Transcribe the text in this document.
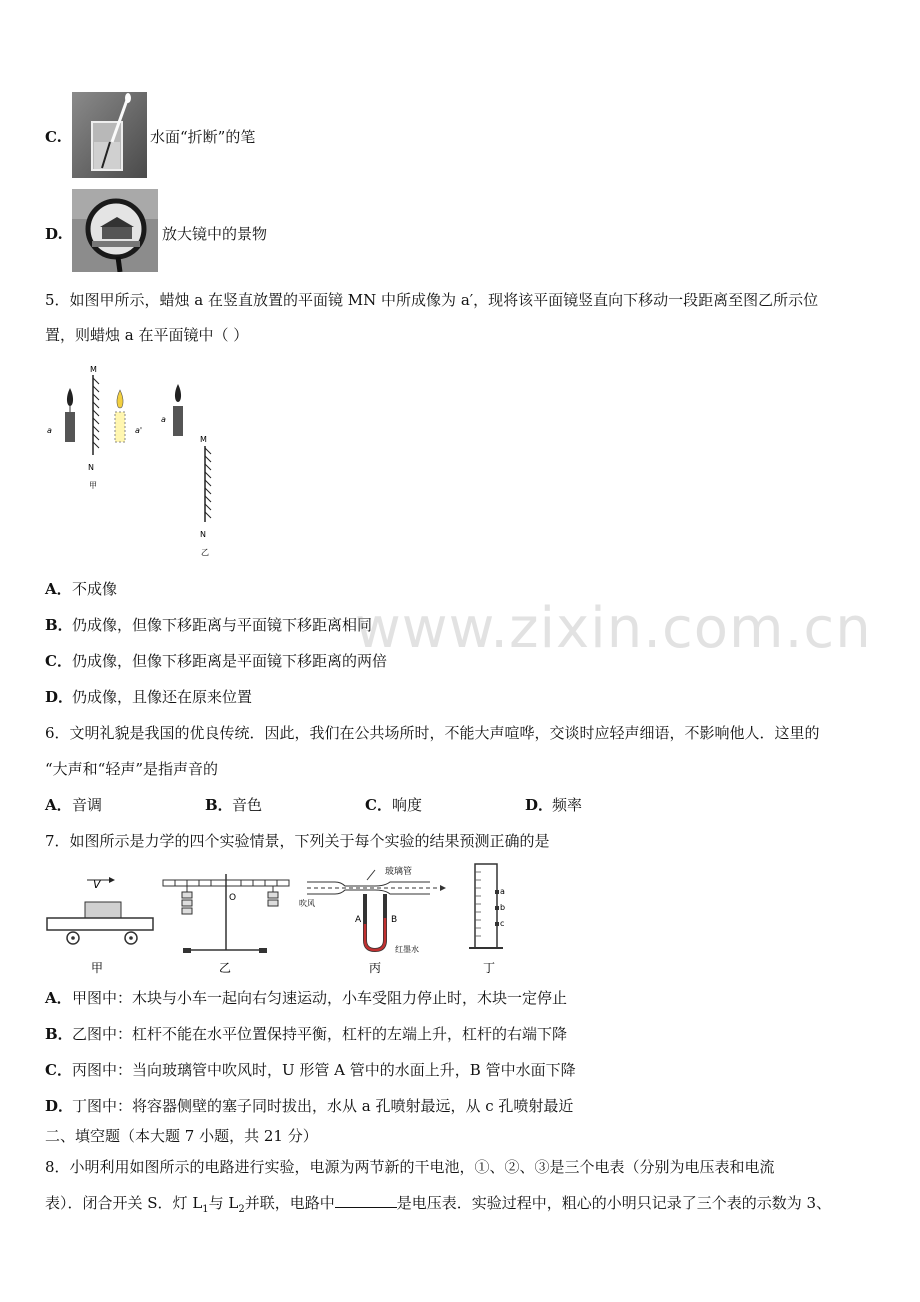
C.	水面“折断”的笔
D.	放大镜中的景物
5．如图甲所示，蜡烛 a 在竖直放置的平面镜 MN 中所成像为 a′，现将该平面镜竖直向下移动一段距离至图乙所示位
置，则蜡烛 a 在平面镜中（ ）
a
M
N
甲
a'
a
M
N
乙
A． 不成像
B． 仍成像，但像下移距离与平面镜下移距离相同
C． 仍成像，但像下移距离是平面镜下移距离的两倍
D．
仍成像，且像还在原来位置
6．文明礼貌是我国的优良传统．因此，我们在公共场所时，不能大声喧哗，交谈时应轻声细语，不影响他人．这里的
“大声和“轻声”是指声音的
A． 音调	B． 音色	C． 响度	D．
频率
7．如图所示是力学的四个实验情景，下列关于每个实验的结果预测正确的是
V
甲
O
乙
玻璃管
吹风
A	B
红墨水
丙
a
b
c
丁
A． 甲图中：木块与小车一起向右匀速运动，小车受阻力停止时，木块一定停止
B． 乙图中：杠杆不能在水平位置保持平衡，杠杆的左端上升，杠杆的右端下降
C． 丙图中：当向玻璃管中吹风时，U 形管 A 管中的水面上升，B 管中水面下降
D．
丁图中：将容器侧壁的塞子同时拔出，水从 a 孔喷射最远，从 c 孔喷射最近
二、填空题（本大题 7 小题，共 21 分）
8．小明利用如图所示的电路进行实验，电源为两节新的干电池，①、②、③是三个电表（分别为电压表和电流
表）．闭合开关 S．灯 $L_1$与 $L_2$并联，电路中	是电压表．实验过程中，粗心的小明只记录了三个表的示数为 3、
www.zixin.com.cn
